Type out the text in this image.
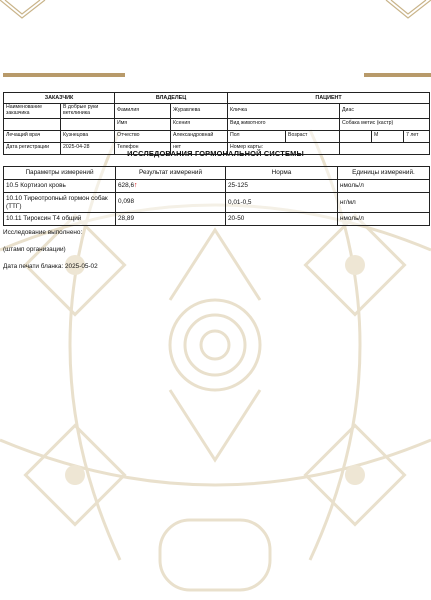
ЗАКАЗЧИК		ВЛАДЕЛЕЦ		ПАЦИЕНТ				
Наименование заказчика	В добрые руки ветклиника	Фамилия	Журавлева	Кличка		Диас		
		Имя	Ксения	Вид животного		Собака метис (кастр)		
Лечащий врач	Кузнецова	Отчество	Александровнай	Пол	Возраст		М	7 лет
Дата регистрации	2025-04-28	Телефон	нет	Номер карты:				
ИССЛЕДОВАНИЯ ГОРМОНАЛЬНОЙ СИСТЕМЫ
Параметры измерений	Результат измерений	Норма	Единицы измерений.
10.5 Кортизол кровь	628,6↑	25-125	нмоль/л
10.10 Тиреотропный гормон собак (ТТГ)	0,098	0,01-0,5	нг/мл
10.11 Тироксин Т4 общий	28,89	20-50	нмоль/л
Исследование выполнено:
(штамп организации)
Дата печати бланка: 2025-05-02
